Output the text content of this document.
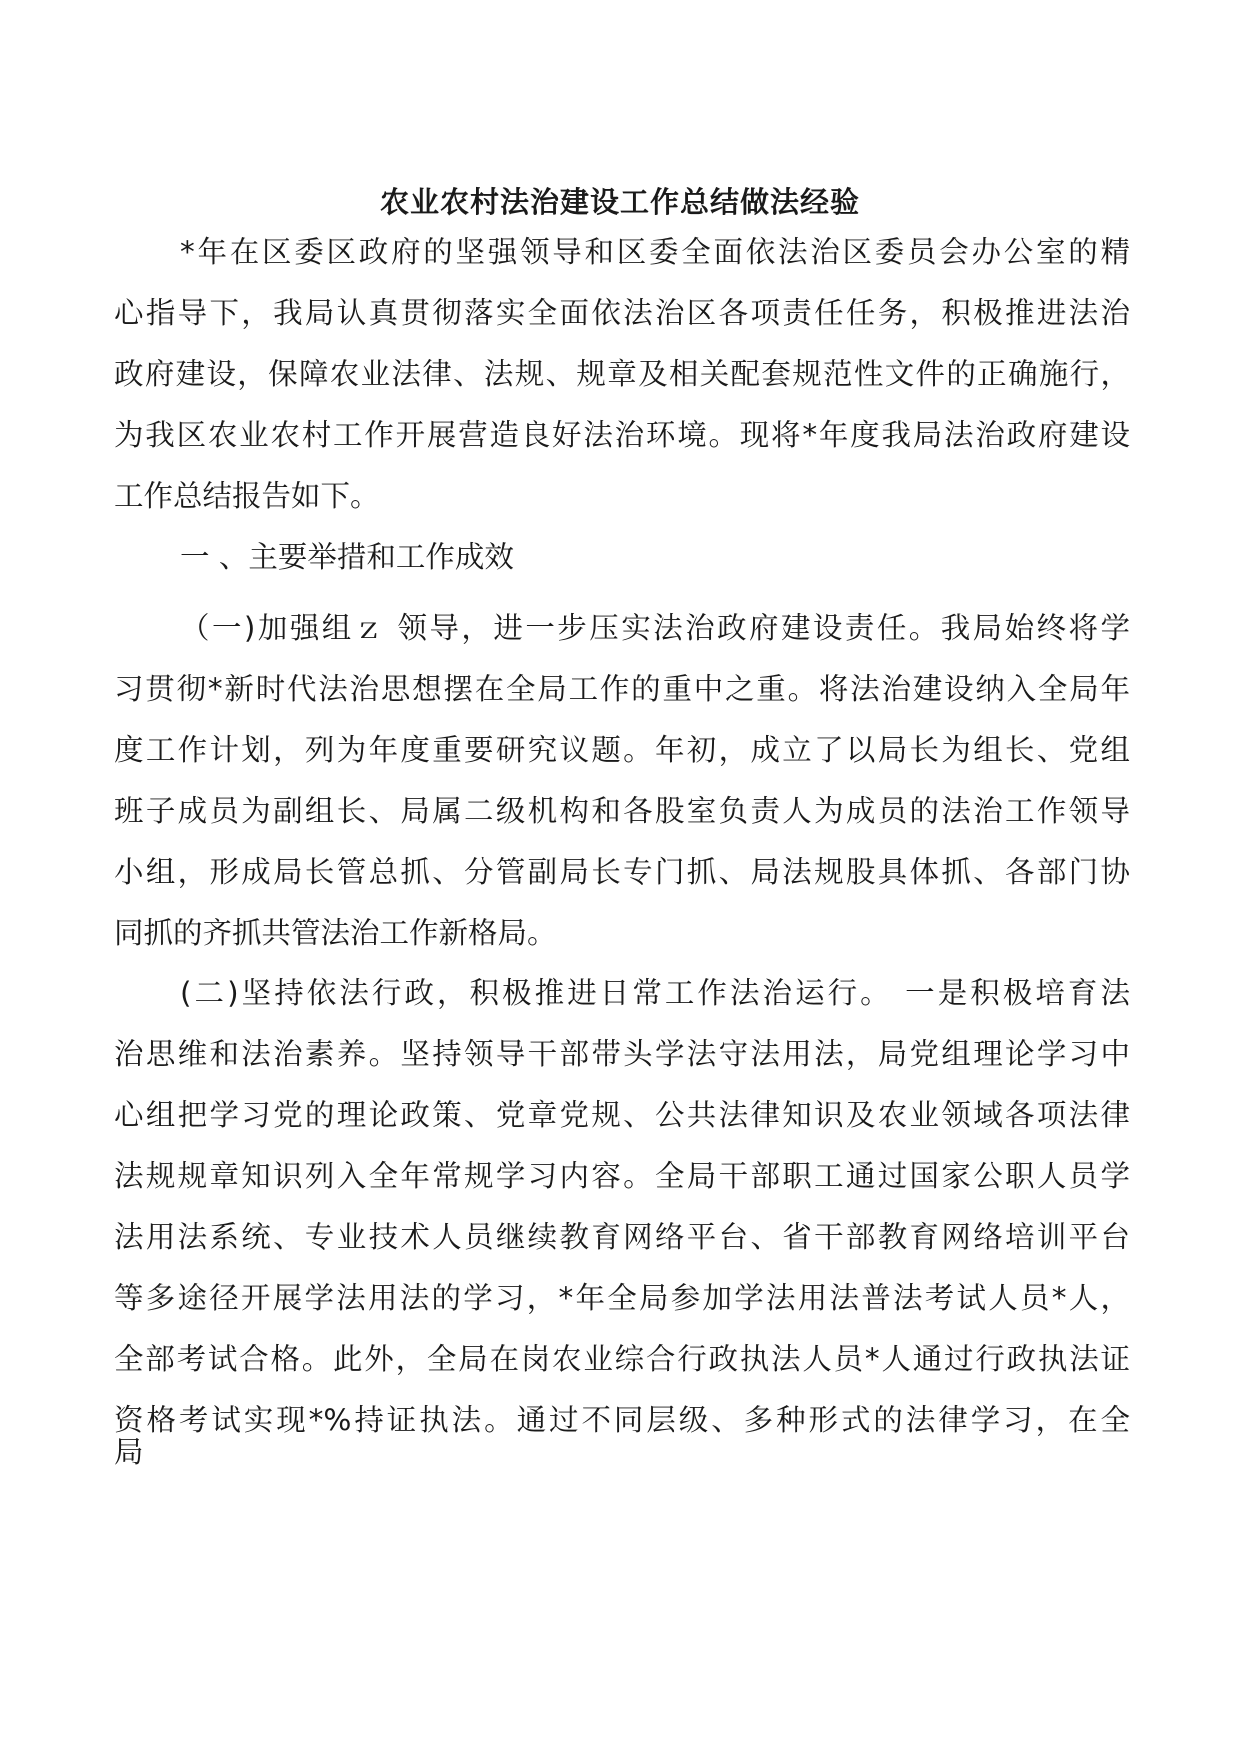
农业农村法治建设工作总结做法经验

*年在区委区政府的坚强领导和区委全面依法治区委员会办公室的精

心指导下，我局认真贯彻落实全面依法治区各项责任任务，积极推进法治

政府建设，保障农业法律、法规、规章及相关配套规范性文件的正确施行，

为我区农业农村工作开展营造良好法治环境。现将*年度我局法治政府建设

工作总结报告如下。

一 、主要举措和工作成效

（一)加强组ｚ 领导，进一步压实法治政府建设责任。我局始终将学

习贯彻*新时代法治思想摆在全局工作的重中之重。将法治建设纳入全局年

度工作计划，列为年度重要研究议题。年初，成立了以局长为组长、党组

班子成员为副组长、局属二级机构和各股室负责人为成员的法治工作领导

小组，形成局长管总抓、分管副局长专门抓、局法规股具体抓、各部门协

同抓的齐抓共管法治工作新格局。

(二)坚持依法行政，积极推进日常工作法治运行。 一是积极培育法

治思维和法治素养。坚持领导干部带头学法守法用法，局党组理论学习中

心组把学习党的理论政策、党章党规、公共法律知识及农业领域各项法律

法规规章知识列入全年常规学习内容。全局干部职工通过国家公职人员学

法用法系统、专业技术人员继续教育网络平台、省干部教育网络培训平台

等多途径开展学法用法的学习，*年全局参加学法用法普法考试人员*人，

全部考试合格。此外，全局在岗农业综合行政执法人员*人通过行政执法证

资格考试实现*%持证执法。通过不同层级、多种形式的法律学习，在全

局
